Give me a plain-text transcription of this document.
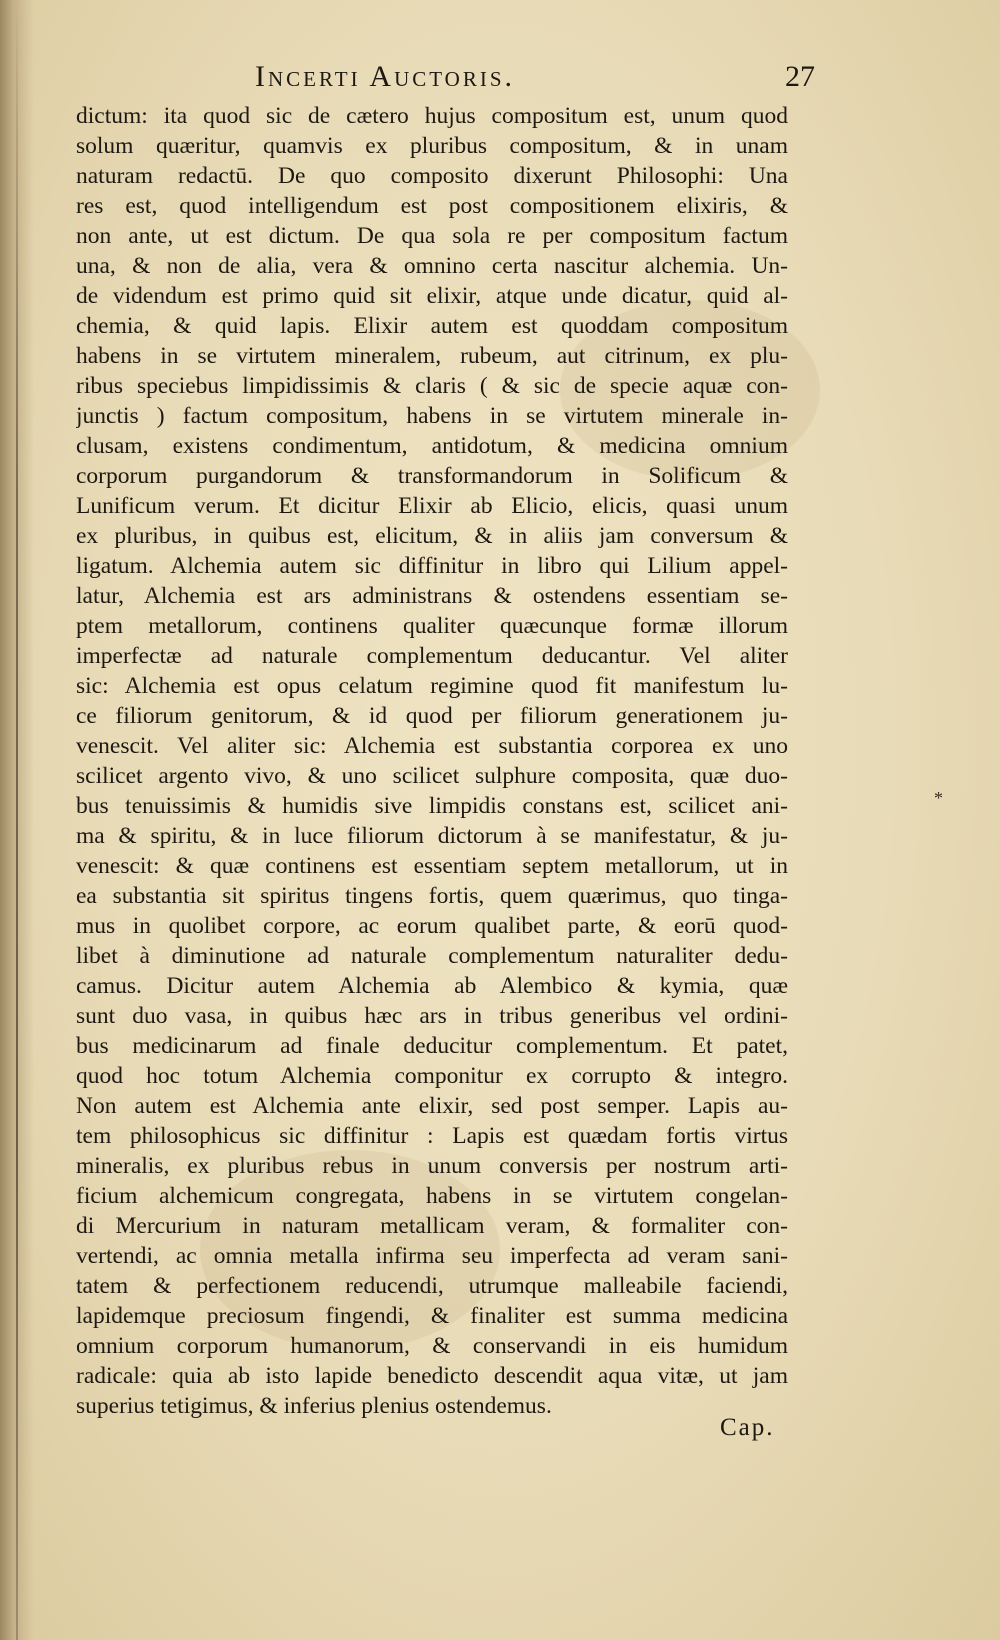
Incerti Auctoris.	27
dictum: ita quod sic de cætero hujus compositum est, unum quod
solum quæritur, quamvis ex pluribus compositum, & in unam
naturam redactū. De quo composito dixerunt Philosophi: Una
res est, quod intelligendum est post compositionem elixiris, &
non ante, ut est dictum. De qua sola re per compositum factum
una, & non de alia, vera & omnino certa nascitur alchemia. Un-
de videndum est primo quid sit elixir, atque unde dicatur, quid al-
chemia, & quid lapis. Elixir autem est quoddam compositum
habens in se virtutem mineralem, rubeum, aut citrinum, ex plu-
ribus speciebus limpidissimis & claris ( & sic de specie aquæ con-
junctis ) factum compositum, habens in se virtutem minerale in-
clusam, existens condimentum, antidotum, & medicina omnium
corporum purgandorum & transformandorum in Solificum &
Lunificum verum. Et dicitur Elixir ab Elicio, elicis, quasi unum
ex pluribus, in quibus est, elicitum, & in aliis jam conversum &
ligatum. Alchemia autem sic diffinitur in libro qui Lilium appel-
latur, Alchemia est ars administrans & ostendens essentiam se-
ptem metallorum, continens qualiter quæcunque formæ illorum
imperfectæ ad naturale complementum deducantur. Vel aliter
sic: Alchemia est opus celatum regimine quod fit manifestum lu-
ce filiorum genitorum, & id quod per filiorum generationem ju-
venescit. Vel aliter sic: Alchemia est substantia corporea ex uno
scilicet argento vivo, & uno scilicet sulphure composita, quæ duo-
bus tenuissimis & humidis sive limpidis constans est, scilicet ani-
ma & spiritu, & in luce filiorum dictorum à se manifestatur, & ju-
venescit: & quæ continens est essentiam septem metallorum, ut in
ea substantia sit spiritus tingens fortis, quem quærimus, quo tinga-
mus in quolibet corpore, ac eorum qualibet parte, & eorū quod-
libet à diminutione ad naturale complementum naturaliter dedu-
camus. Dicitur autem Alchemia ab Alembico & kymia, quæ
sunt duo vasa, in quibus hæc ars in tribus generibus vel ordini-
bus medicinarum ad finale deducitur complementum. Et patet,
quod hoc totum Alchemia componitur ex corrupto & integro.
Non autem est Alchemia ante elixir, sed post semper. Lapis au-
tem philosophicus sic diffinitur : Lapis est quædam fortis virtus
mineralis, ex pluribus rebus in unum conversis per nostrum arti-
ficium alchemicum congregata, habens in se virtutem congelan-
di Mercurium in naturam metallicam veram, & formaliter con-
vertendi, ac omnia metalla infirma seu imperfecta ad veram sani-
tatem & perfectionem reducendi, utrumque malleabile faciendi,
lapidemque preciosum fingendi, & finaliter est summa medicina
omnium corporum humanorum, & conservandi in eis humidum
radicale: quia ab isto lapide benedicto descendit aqua vitæ, ut jam
superius tetigimus, & inferius plenius ostendemus.
Cap.
*
